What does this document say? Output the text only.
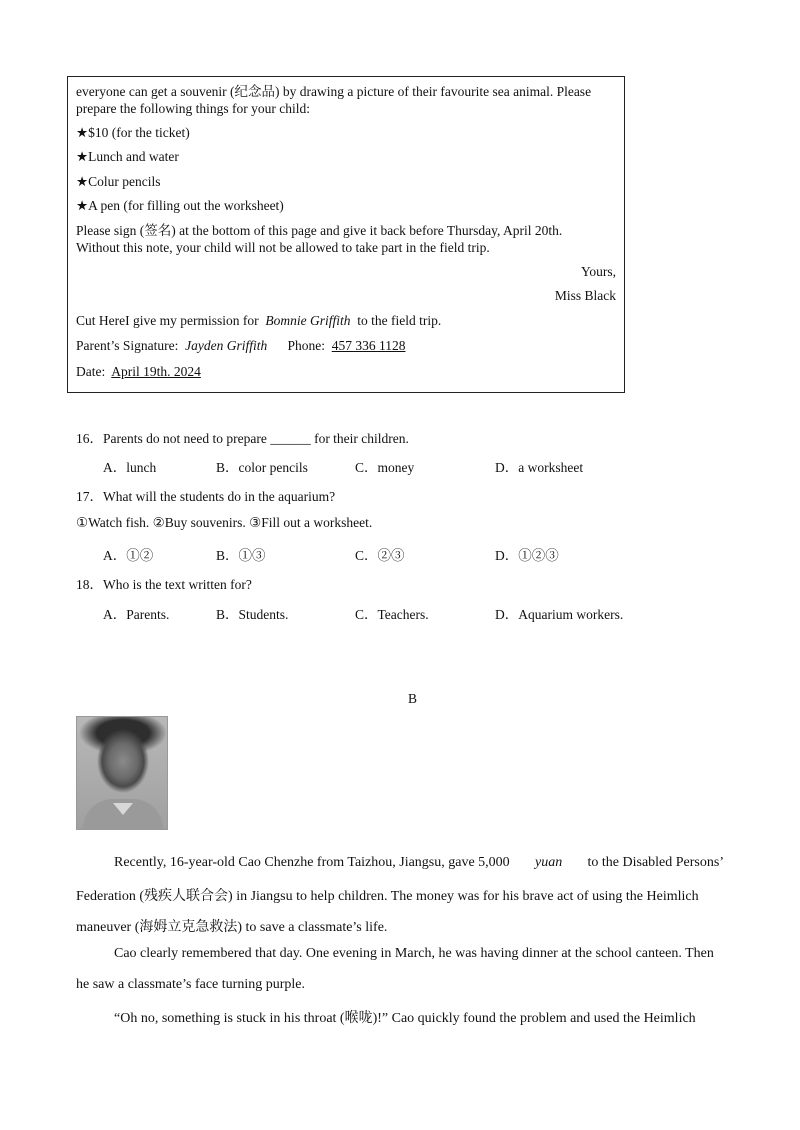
everyone can get a souvenir (纪念品) by drawing a picture of their favourite sea animal. Please
prepare the following things for your child:
★$10 (for the ticket)
★Lunch and water
★Colur pencils
★A pen (for filling out the worksheet)
Please sign (签名) at the bottom of this page and give it back before Thursday, April 20th.
Without this note, your child will not be allowed to take part in the field trip.
Yours,
Miss Black
Cut HereI give my permission for Bomnie Griffith to the field trip.
Parent’s Signature: Jayden Griffith Phone: 457 336 1128
Date: April 19th. 2024
16．Parents do not need to prepare ______ for their children.
A．lunch	B．color pencils	C．money	D．a worksheet
17．What will the students do in the aquarium?
①Watch fish. ②Buy souvenirs. ③Fill out a worksheet.
A．①②	B．①③	C．②③	D．①②③
18．Who is the text written for?
A．Parents.	B．Students.	C．Teachers.	D．Aquarium workers.
B
Recently, 16-year-old Cao Chenzhe from Taizhou, Jiangsu, gave 5,000 yuan to the Disabled Persons’
Federation (残疾人联合会) in Jiangsu to help children. The money was for his brave act of using the Heimlich
maneuver (海姆立克急救法) to save a classmate’s life.
Cao clearly remembered that day. One evening in March, he was having dinner at the school canteen. Then
he saw a classmate’s face turning purple.
“Oh no, something is stuck in his throat (喉咙)!” Cao quickly found the problem and used the Heimlich
